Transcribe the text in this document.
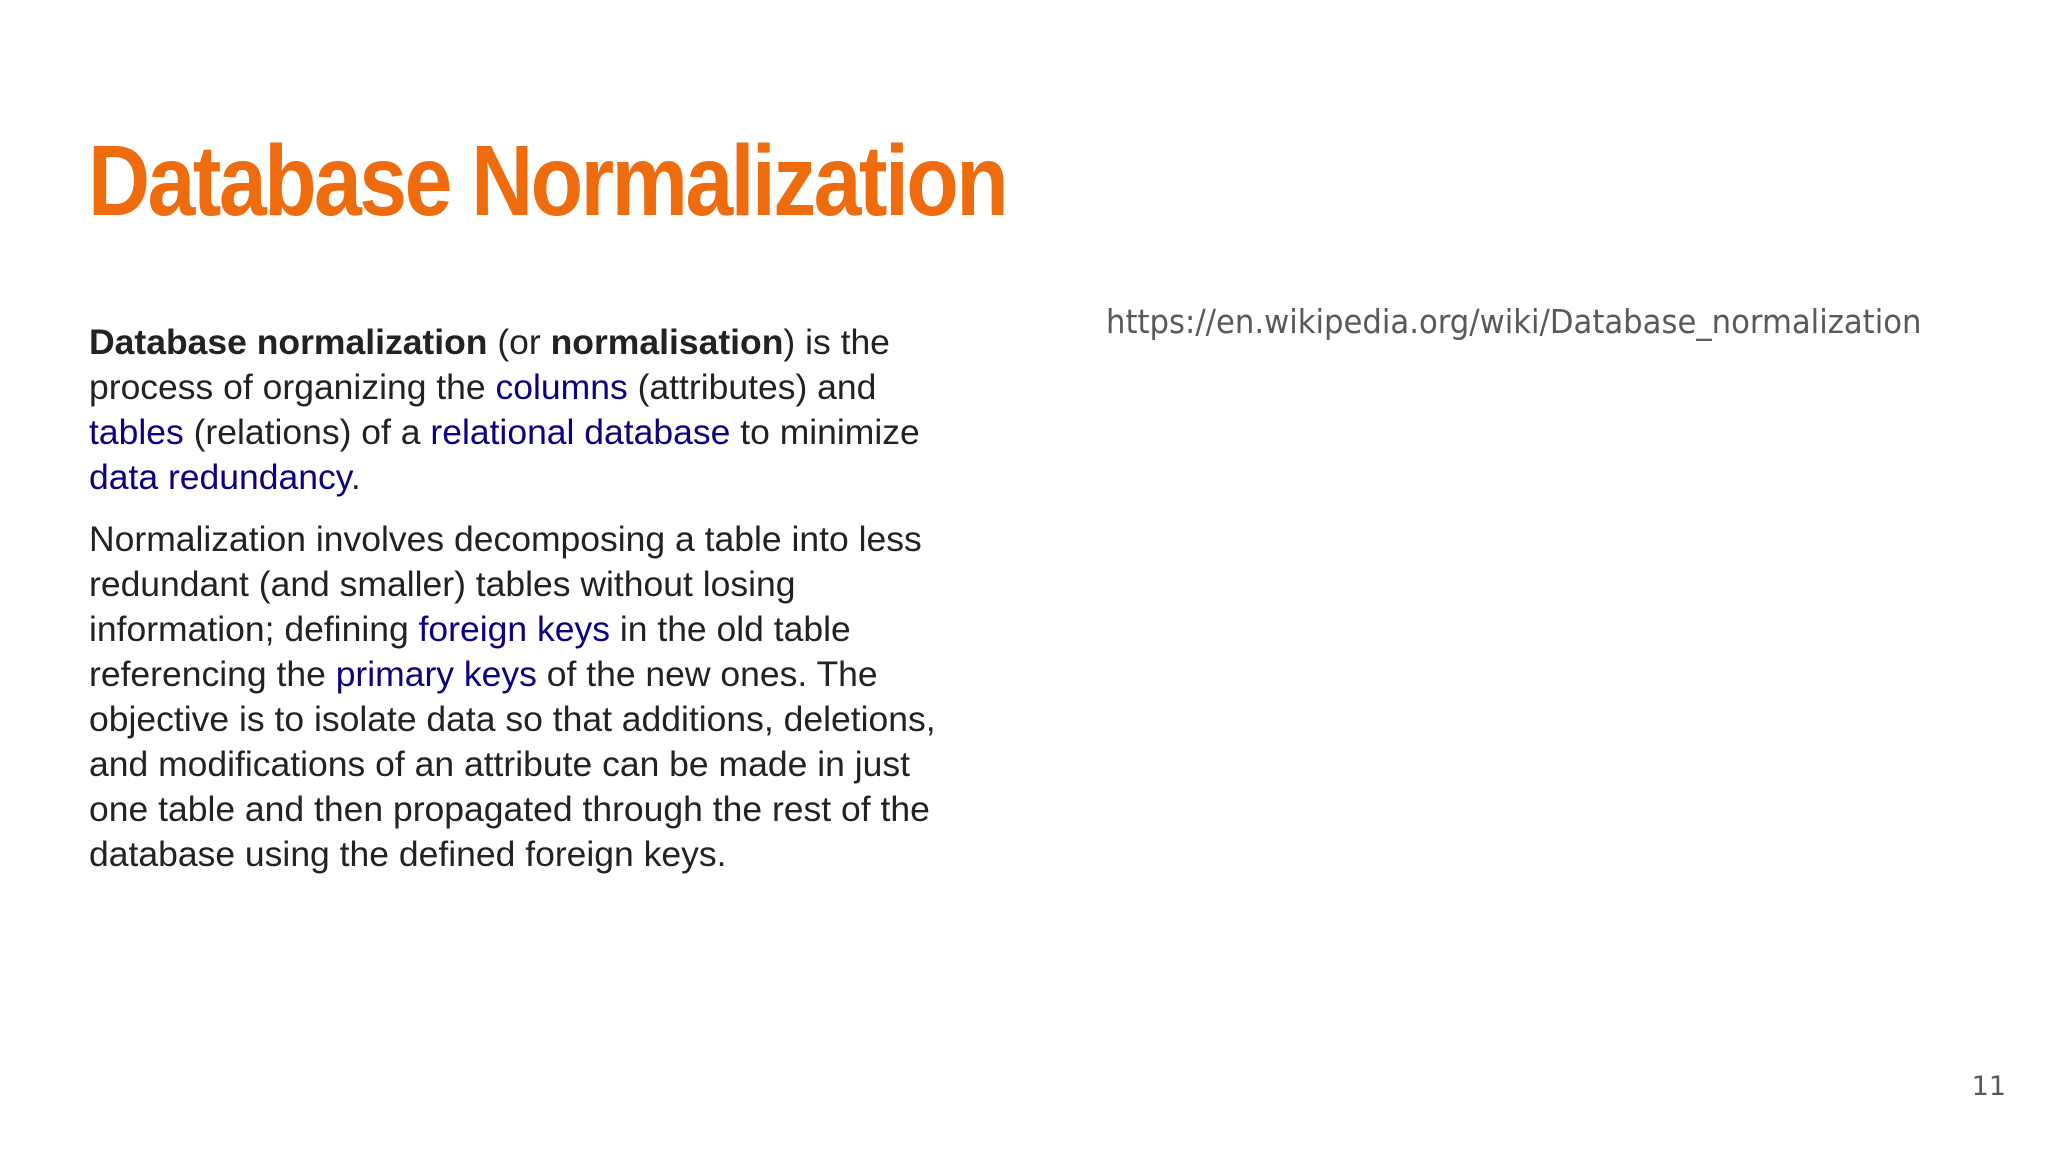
Database Normalization

Database normalization (or normalisation) is the process of organizing the columns (attributes) and tables (relations) of a relational database to minimize data redundancy.

Normalization involves decomposing a table into less redundant (and smaller) tables without losing information; defining foreign keys in the old table referencing the primary keys of the new ones. The objective is to isolate data so that additions, deletions, and modifications of an attribute can be made in just one table and then propagated through the rest of the database using the defined foreign keys.

https://en.wikipedia.org/wiki/Database_normalization
11
